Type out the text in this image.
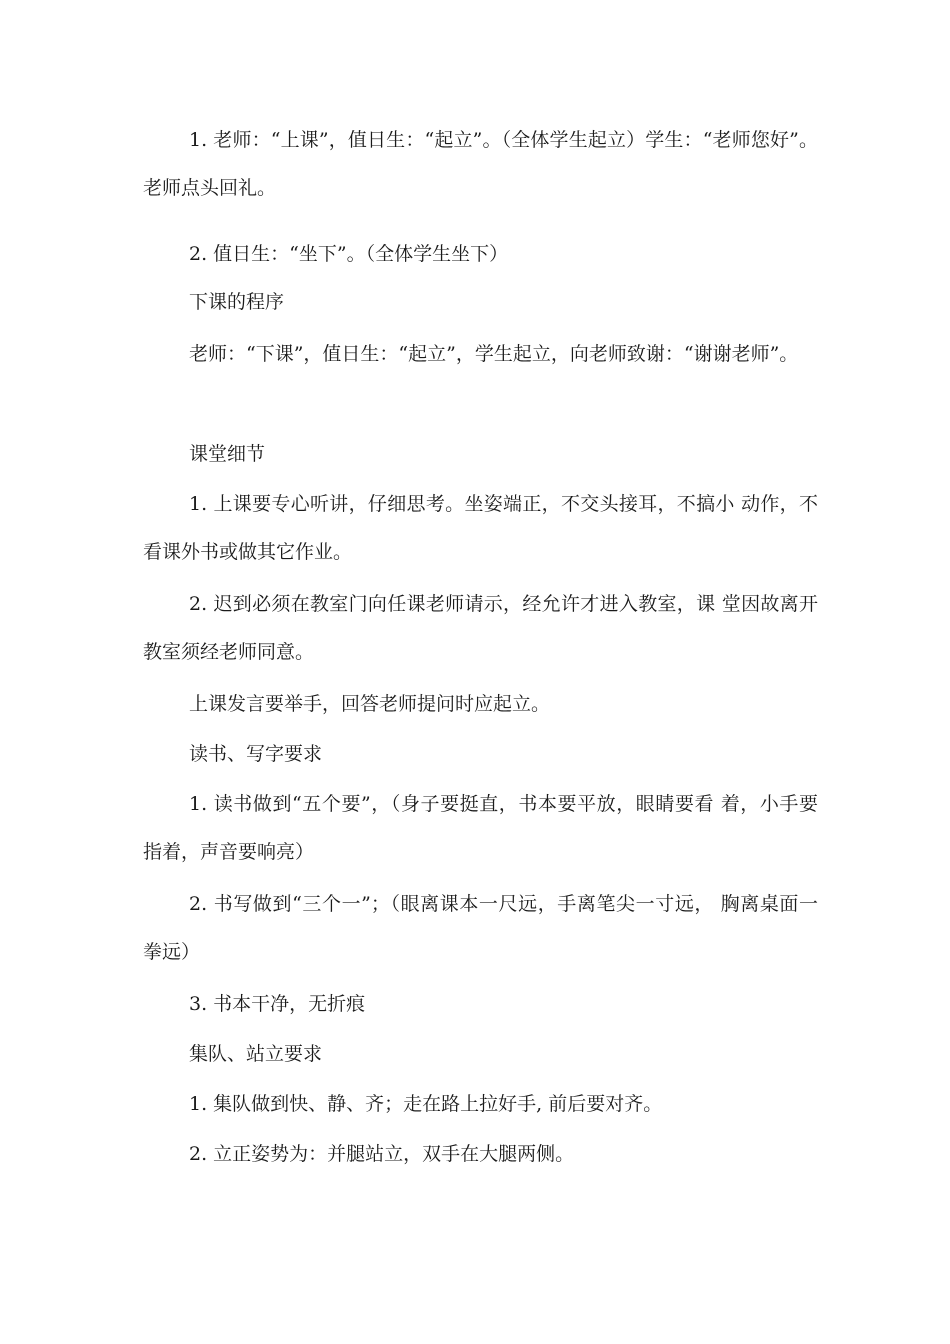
1. 老师：“上课”，值日生：“起立”。（全体学生起立）学生：“老师您好”。老师点头回礼。

2. 值日生：“坐下”。（全体学生坐下）

下课的程序

老师：“下课”，值日生：“起立”，学生起立，向老师致谢：“谢谢老师”。

课堂细节

1. 上课要专心听讲，仔细思考。坐姿端正，不交头接耳，不搞小 动作，不看课外书或做其它作业。

2. 迟到必须在教室门向任课老师请示，经允许才进入教室，课 堂因故离开教室须经老师同意。

上课发言要举手，回答老师提问时应起立。

读书、写字要求

1. 读书做到“五个要”，（身子要挺直，书本要平放，眼睛要看 着，小手要指着，声音要响亮）

2. 书写做到“三个一”；（眼离课本一尺远，手离笔尖一寸远， 胸离桌面一拳远）

3. 书本干净，无折痕

集队、站立要求

1. 集队做到快、静、齐；走在路上拉好手, 前后要对齐。

2. 立正姿势为：并腿站立，双手在大腿两侧。
